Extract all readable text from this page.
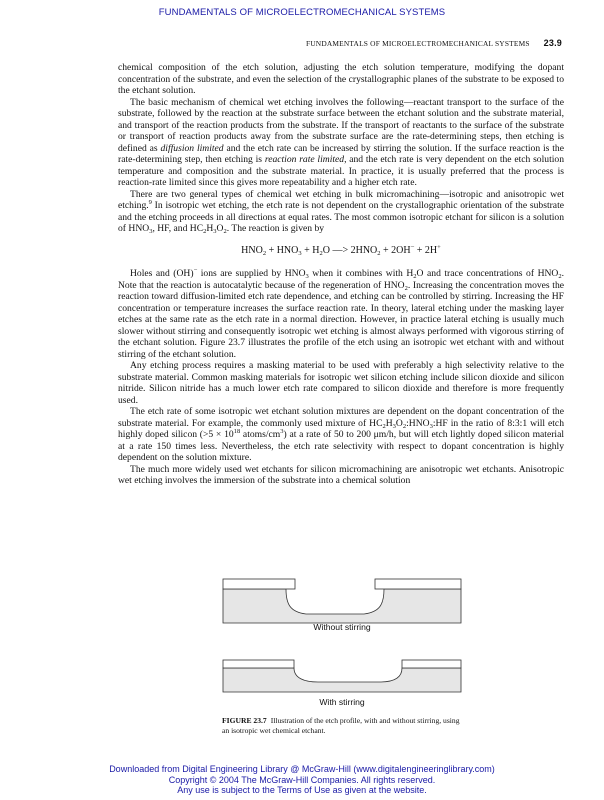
FUNDAMENTALS OF MICROELECTROMECHANICAL SYSTEMS
FUNDAMENTALS OF MICROELECTROMECHANICAL SYSTEMS 23.9

chemical composition of the etch solution, adjusting the etch solution temperature, modifying the dopant concentration of the substrate, and even the selection of the crystallographic planes of the substrate to be exposed to the etchant solution.

The basic mechanism of chemical wet etching involves the following—reactant transport to the surface of the substrate, followed by the reaction at the substrate surface between the etchant solution and the substrate material, and transport of the reaction products from the substrate. If the transport of reactants to the surface of the substrate or transport of reaction products away from the substrate surface are the rate-determining steps, then etching is defined as diffusion limited and the etch rate can be increased by stirring the solution. If the surface reaction is the rate-determining step, then etching is reaction rate limited, and the etch rate is very dependent on the etch solution temperature and composition and the substrate material. In practice, it is usually preferred that the process is reaction-rate limited since this gives more repeatability and a higher etch rate.

There are two general types of chemical wet etching in bulk micromachining—isotropic and anisotropic wet etching.$^9$ In isotropic wet etching, the etch rate is not dependent on the crystallographic orientation of the substrate and the etching proceeds in all directions at equal rates. The most common isotropic etchant for silicon is a solution of $HNO_3$, HF, and $HC_2H_3O_2$. The reaction is given by

$HNO_2 + HNO_3 + H_2O$ —> $2HNO_2 + 2OH^- + 2H^+$

Holes and (OH)− ions are supplied by $HNO_3$ when it combines with $H_2O$ and trace concentrations of $HNO_2$. Note that the reaction is autocatalytic because of the regeneration of $HNO_2$. Increasing the concentration moves the reaction toward diffusion-limited etch rate dependence, and etching can be controlled by stirring. Increasing the HF concentration or temperature increases the surface reaction rate. In theory, lateral etching under the masking layer etches at the same rate as the etch rate in a normal direction. However, in practice lateral etching is usually much slower without stirring and consequently isotropic wet etching is almost always performed with vigorous stirring of the etchant solution. Figure 23.7 illustrates the profile of the etch using an isotropic wet etchant with and without stirring of the etchant solution.

Any etching process requires a masking material to be used with preferably a high selectivity relative to the substrate material. Common masking materials for isotropic wet silicon etching include silicon dioxide and silicon nitride. Silicon nitride has a much lower etch rate compared to silicon dioxide and therefore is more frequently used.

The etch rate of some isotropic wet etchant solution mixtures are dependent on the dopant concentration of the substrate material. For example, the commonly used mixture of $HC_2H_3O_2:HNO_3:HF$ in the ratio of 8:3:1 will etch highly doped silicon ($>5 \times 10^{18}$ atoms/$cm^3$) at a rate of 50 to 200 μm/h, but will etch lightly doped silicon material at a rate 150 times less. Nevertheless, the etch rate selectivity with respect to dopant concentration is highly dependent on the solution mixture.

The much more widely used wet etchants for silicon micromachining are anisotropic wet etchants. Anisotropic wet etching involves the immersion of the substrate into a chemical solution

Without stirring
With stirring
FIGURE 23.7 Illustration of the etch profile, with and without stirring, using an isotropic wet chemical etchant.
Downloaded from Digital Engineering Library @ McGraw-Hill (www.digitalengineeringlibrary.com)
Copyright © 2004 The McGraw-Hill Companies. All rights reserved.
Any use is subject to the Terms of Use as given at the website.
